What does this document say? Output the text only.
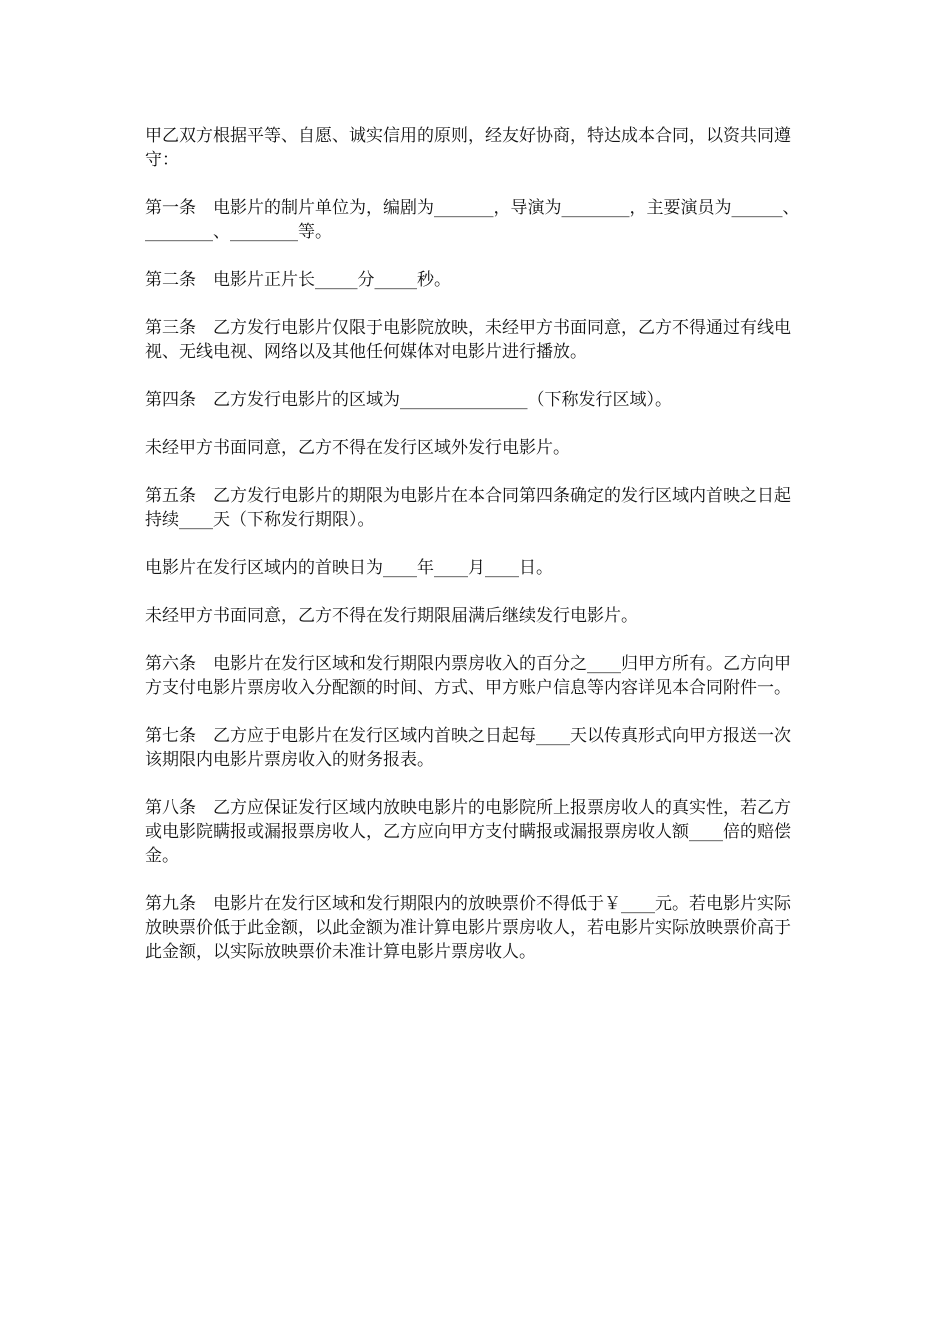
甲乙双方根据平等、自愿、诚实信用的原则，经友好协商，特达成本合同，以资共同遵守：

第一条　电影片的制片单位为，编剧为_______，导演为________，主要演员为______、________、________等。

第二条　电影片正片长_____分_____秒。

第三条　乙方发行电影片仅限于电影院放映，未经甲方书面同意，乙方不得通过有线电视、无线电视、网络以及其他任何媒体对电影片进行播放。

第四条　乙方发行电影片的区域为_______________（下称发行区域）。

未经甲方书面同意，乙方不得在发行区域外发行电影片。

第五条　乙方发行电影片的期限为电影片在本合同第四条确定的发行区域内首映之日起持续____天（下称发行期限）。

电影片在发行区域内的首映日为____年____月____日。

未经甲方书面同意，乙方不得在发行期限届满后继续发行电影片。

第六条　电影片在发行区域和发行期限内票房收入的百分之____归甲方所有。乙方向甲方支付电影片票房收入分配额的时间、方式、甲方账户信息等内容详见本合同附件一。

第七条　乙方应于电影片在发行区域内首映之日起每____天以传真形式向甲方报送一次该期限内电影片票房收入的财务报表。

第八条　乙方应保证发行区域内放映电影片的电影院所上报票房收人的真实性，若乙方或电影院瞒报或漏报票房收人，乙方应向甲方支付瞒报或漏报票房收人额____倍的赔偿金。

第九条　电影片在发行区域和发行期限内的放映票价不得低于￥____元。若电影片实际放映票价低于此金额，以此金额为准计算电影片票房收人，若电影片实际放映票价高于此金额，以实际放映票价未准计算电影片票房收人。
